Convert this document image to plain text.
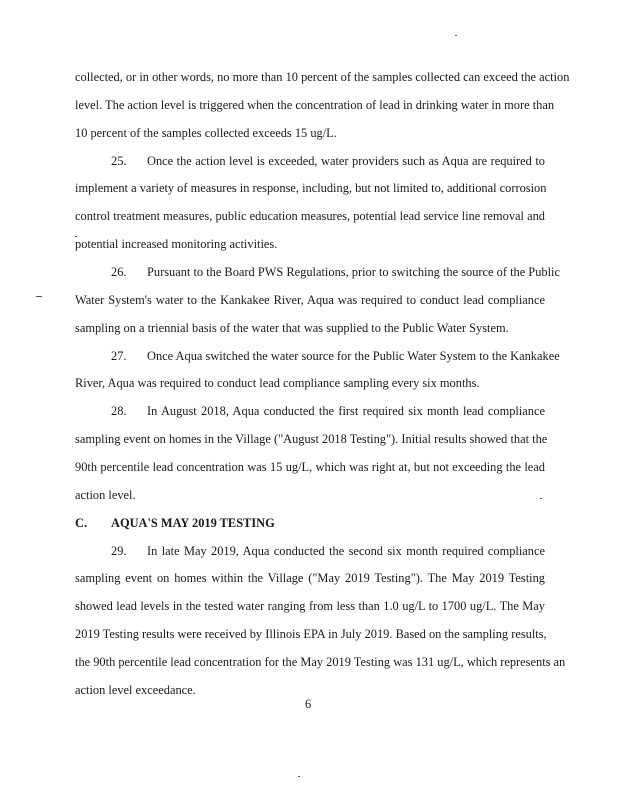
collected, or in other words, no more than 10 percent of the samples collected can exceed the action
level. The action level is triggered when the concentration of lead in drinking water in more than
10 percent of the samples collected exceeds 15 ug/L.
25. Once the action level is exceeded, water providers such as Aqua are required to
implement a variety of measures in response, including, but not limited to, additional corrosion
control treatment measures, public education measures, potential lead service line removal and
potential increased monitoring activities.
26. Pursuant to the Board PWS Regulations, prior to switching the source of the Public
Water System's water to the Kankakee River, Aqua was required to conduct lead compliance
sampling on a triennial basis of the water that was supplied to the Public Water System.
27. Once Aqua switched the water source for the Public Water System to the Kankakee
River, Aqua was required to conduct lead compliance sampling every six months.
28. In August 2018, Aqua conducted the first required six month lead compliance
sampling event on homes in the Village ("August 2018 Testing"). Initial results showed that the
90th percentile lead concentration was 15 ug/L, which was right at, but not exceeding the lead
action level.
C. AQUA'S MAY 2019 TESTING
29. In late May 2019, Aqua conducted the second six month required compliance
sampling event on homes within the Village ("May 2019 Testing"). The May 2019 Testing
showed lead levels in the tested water ranging from less than 1.0 ug/L to 1700 ug/L. The May
2019 Testing results were received by Illinois EPA in July 2019. Based on the sampling results,
the 90th percentile lead concentration for the May 2019 Testing was 131 ug/L, which represents an
action level exceedance.
6
